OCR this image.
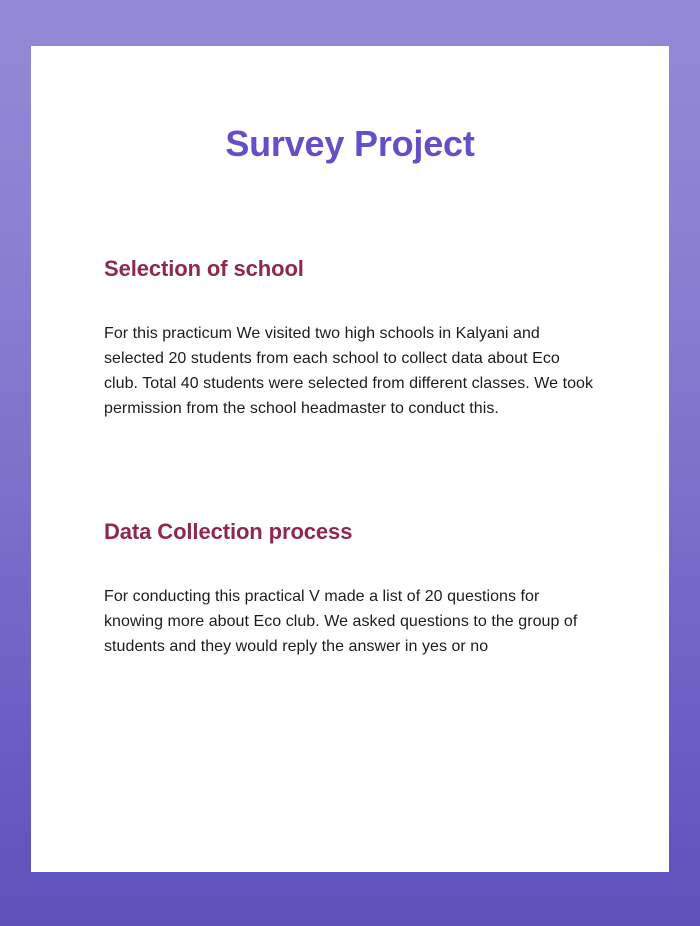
Survey Project
Selection of school

For this practicum We visited two high schools in Kalyani and selected 20 students from each school to collect data about Eco club. Total 40 students were selected from different classes. We took permission from the school headmaster to conduct this.

Data Collection process

For conducting this practical V made a list of 20 questions for knowing more about Eco club. We asked questions to the group of students and they would reply the answer in yes or no
